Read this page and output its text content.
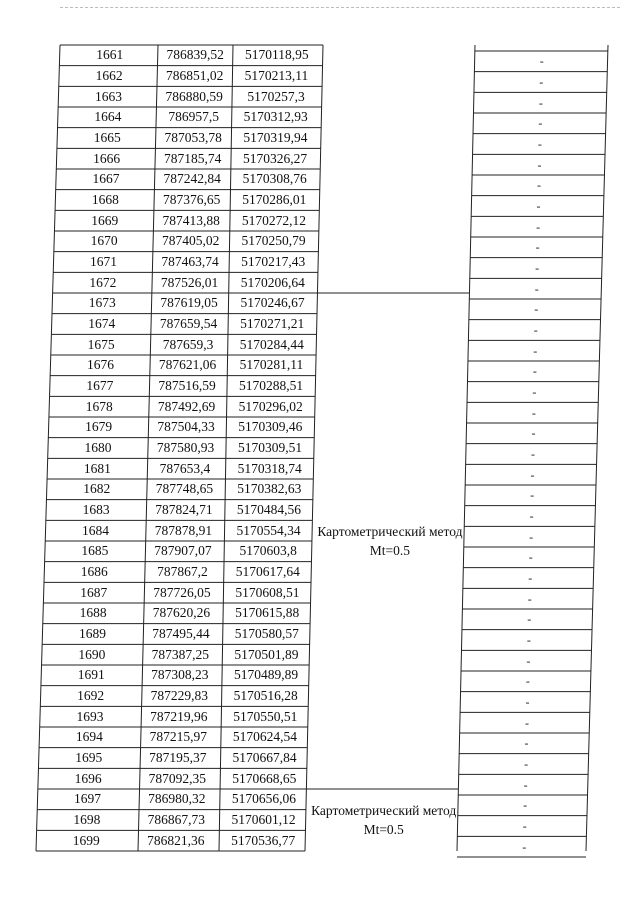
1661	786839,52	5170118,95	-
1662	786851,02	5170213,11	-
1663	786880,59	5170257,3	-
1664	786957,5	5170312,93	-
1665	787053,78	5170319,94	-
1666	787185,74	5170326,27	-
1667	787242,84	5170308,76	-
1668	787376,65	5170286,01	-
1669	787413,88	5170272,12	-
1670	787405,02	5170250,79	-
1671	787463,74	5170217,43	-
1672	787526,01	5170206,64	-
1673	787619,05	5170246,67	-
1674	787659,54	5170271,21	-
1675	787659,3	5170284,44	-
1676	787621,06	5170281,11	-
1677	787516,59	5170288,51	-
1678	787492,69	5170296,02	-
1679	787504,33	5170309,46	-
1680	787580,93	5170309,51	-
1681	787653,4	5170318,74	-
1682	787748,65	5170382,63	-
1683	787824,71	5170484,56	-
1684	787878,91	5170554,34	-
1685	787907,07	5170603,8	-
1686	787867,2	5170617,64	-
1687	787726,05	5170608,51	-
1688	787620,26	5170615,88	-
1689	787495,44	5170580,57	-
1690	787387,25	5170501,89	-
1691	787308,23	5170489,89	-
1692	787229,83	5170516,28	-
1693	787219,96	5170550,51	-
1694	787215,97	5170624,54	-
1695	787195,37	5170667,84	-
1696	787092,35	5170668,65	-
1697	786980,32	5170656,06	-
1698	786867,73	5170601,12	-
1699	786821,36	5170536,77	-
Картометрический метод Mt=0.5
Картометрический метод Mt=0.5
